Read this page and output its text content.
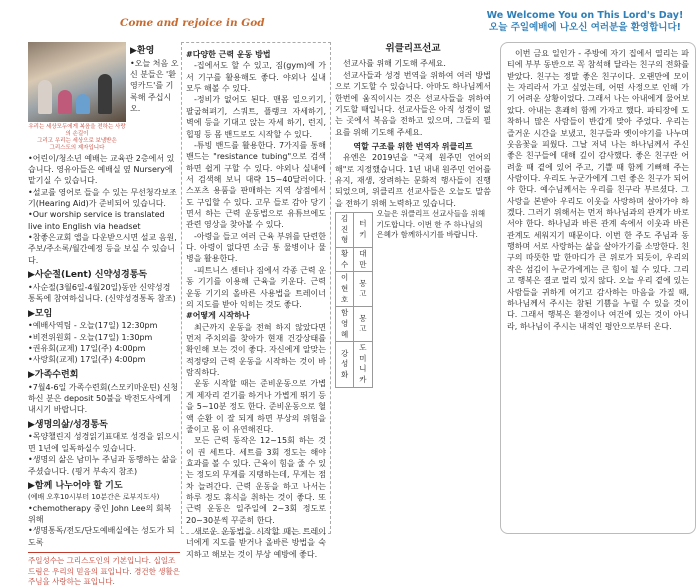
Come and rejoice in God
We Welcome You on This Lord's Day!
오늘 주일예배에 나오신 여러분을 환영합니다!
▶환영

•오늘 처음 오신 분들은 '환영카드'를 기록해 주십시오.

우리는 세상모두에게 복음을 전하는 사랑의 손길이
그리고 우리는 세상으로 보냄받은
그리스도의 제자입니다

•어린이/청소년 예배는 교육관 2층에서 있습니다. 영유아들은 예배실 옆 Nursery에 맡기실 수 있습니다.

•설교를 영어로 들을 수 있는 무선청각보조기(Hearing Aid)가 준비되어 있습니다.

•Our worship service is translated live into English via headset

•참좋은교회 앱을 다운받으시면 설교 음원, 주보/주소록/월간예정 등을 보실 수 있습니다.

▶사순절(Lent) 신약성경통독

•사순절(3월6일-4월20일)동안 신약성경 통독에 참여하십니다. (신약성경통독 참조)

▶모임

•예배사역팀 - 오늘(17일) 12:30pm

•비전위원회 - 오늘(17일) 1:30pm

•권유회(교제) 17일(주) 4:00pm

•사랑회(교제) 17일(주) 4:00pm

▶가족수련회

•7월4-6일 가족수련회(스모키마운틴) 신청하신 분은 deposit 50불을 박전도사에게 내시기 바랍니다.

▶생명의삶/성경통독

•목양챌린지 성경읽기표대로 성경을 읽으시면 1년에 일독하실수 있습니다.

•생명의 삶은 남미누 주님과 동행하는 삶을 주셨습니다. (핑거 부속지 참조)

▶함께 나누어야 할 기도

(예배 오후10시부터 10분간은 로부지도사)

•chemotherapy 중인 John Lee의 회복 위해

•생명통독/전도/단도예배실에는 성도가 되도록

주일성수는 그리스도인의 기본입니다. 십일조 드림은 우리의 믿음의 표입니다. 경건한 생활은 주님을 사랑하는 표입니다.

#다양한 근력 운동 방법

-집에서도 할 수 있고, 짐(gym)에 가서 기구를 활용해도 좋다. 야외나 실내 모두 해볼 수 있다.

-정비가 없어도 된다. 맨몸 일으키기, 팔굽혀펴기, 스쿼트, 플랭크 자세하기, 벽에 등을 기대고 앉는 자세 하기, 런지, 힙핑 등 몸 밴드로도 시작할 수 있다.

-튜빙 밴드를 활용한다. 7가지를 통해 밴드는 "resistance tubing"으로 검색하면 쉽게 구할 수 있다. 야외나 실내에서 검색해 보니 대략 15~40달러이다. 스포츠 용품을 판매하는 지역 상점에서도 구입할 수 있다. 고무 들로 감아 당기면서 하는 근력 운동법으로 유튜브에도 관련 영상을 찾아볼 수 있다.

-아령을 들고 여러 근육 부위를 단련한다. 아령이 없다면 소금 통 물병이나 물병을 활용한다.

-피트니스 센터나 짐에서 각종 근력 운동 기기를 이용해 근육을 키운다. 근력 운동 기기의 올바른 사용법을 트레이너의 지도를 받아 익히는 것도 좋다.

#어떻게 시작하나

최근까지 운동을 전혀 하지 않았다면 먼저 주치의를 찾아가 현재 건강상태를 확인해 보는 것이 좋다. 자신에게 알맞는 적정량의 근력 운동을 시작하는 것이 바람직하다.

운동 시작할 때는 준비운동으로 가볍게 제자리 걷기를 하거나 가볍게 뛰기 등을 5~10분 정도 한다. 준비운동으로 혈액 순환 이 잘 되게 하면 부상의 위험을 줄이고 몸 이 유연해진다.

모든 근력 동작은 12~15회 하는 것이 권 세트다. 세트를 3회 정도는 해야 효과를 볼 수 있다. 근육이 힘을 줄 수 있는 정도의 무게를 지탱하는데, 무게는 점차 늘려간다. 근력 운동을 하고 나서는 하루 정도 휴식을 취하는 것이 좋다. 또 근력 운동은 일주일에 2~3회 정도로 20~30분씩 꾸준히 한다.

새로운 운동법을 시작할 때는 트레이너에게 지도를 받거나 올바른 방법을 숙지하고 해보는 것이 부상 예방에 좋다.

위클리프선교

선교사를 위해 기도해 주세요.

선교사들과 성경 번역을 위하여 여러 방법으로 기도할 수 있습니다. 아마도 하나님께서 한번에 움직이시는 것은 선교사들을 위하여 기도할 때입니다. 선교사들은 아직 성경이 없는 곳에서 복음을 전하고 있으며, 그들의 필요를 위해 기도해 주세요.

역할 구조를 위한 번역자 위클리프

유엔은 2019년을 "국제 원주민 언어의 해"로 지정했습니다. 1년 내내 원주민 언어를 유지, 재생, 장려하는 문화적 행사들이 진행되었으며, 위클리프 선교사들은 오늘도 말씀을 전하기 위해 노력하고 있습니다.

김진형	터키
황수	대만
이현호	몽고
함영혜	몽고
강성화	도미니카

오늘은 위클리프 선교사들을 위해 기도합니다. 이번 한 주 하나님의 은혜가 함께하시기를 바랍니다.

이번 금요 일인가 - 주방에 자기 집에서 열리는 파티에 부부 동반으로 꼭 참석해 달라는 친구의 전화를 받았다. 친구는 정말 좋은 친구이다. 오랜만에 모이는 자리라서 가고 싶었는데, 어떤 사정으로 인해 가기 어려운 상황이었다. 그래서 나는 아내에게 물어보았다. 아내는 흔쾌히 함께 가자고 했다. 파티장에 도착하니 많은 사람들이 반갑게 맞아 주었다. 우리는 즐거운 시간을 보냈고, 친구들과 옛이야기를 나누며 웃음꽃을 피웠다. 그날 저녁 나는 하나님께서 주신 좋은 친구들에 대해 깊이 감사했다. 좋은 친구란 어려울 때 곁에 있어 주고, 기쁠 때 함께 기뻐해 주는 사람이다. 우리도 누군가에게 그런 좋은 친구가 되어야 한다. 예수님께서는 우리를 친구라 부르셨다. 그 사랑을 본받아 우리도 이웃을 사랑하며 살아가야 하겠다. 그러기 위해서는 먼저 하나님과의 관계가 바로 서야 한다. 하나님과 바른 관계 속에서 이웃과 바른 관계도 세워지기 때문이다. 이번 한 주도 주님과 동행하며 서로 사랑하는 삶을 살아가기를 소망한다. 친구의 따뜻한 말 한마디가 큰 위로가 되듯이, 우리의 작은 섬김이 누군가에게는 큰 힘이 될 수 있다. 그리고 행복은 결코 멀리 있지 않다. 오늘 우리 곁에 있는 사람들을 귀하게 여기고 감사하는 마음을 가질 때, 하나님께서 주시는 참된 기쁨을 누릴 수 있을 것이다. 그래서 행복은 환경이나 여건에 있는 것이 아니라, 하나님이 주시는 내적인 평안으로부터 온다.
